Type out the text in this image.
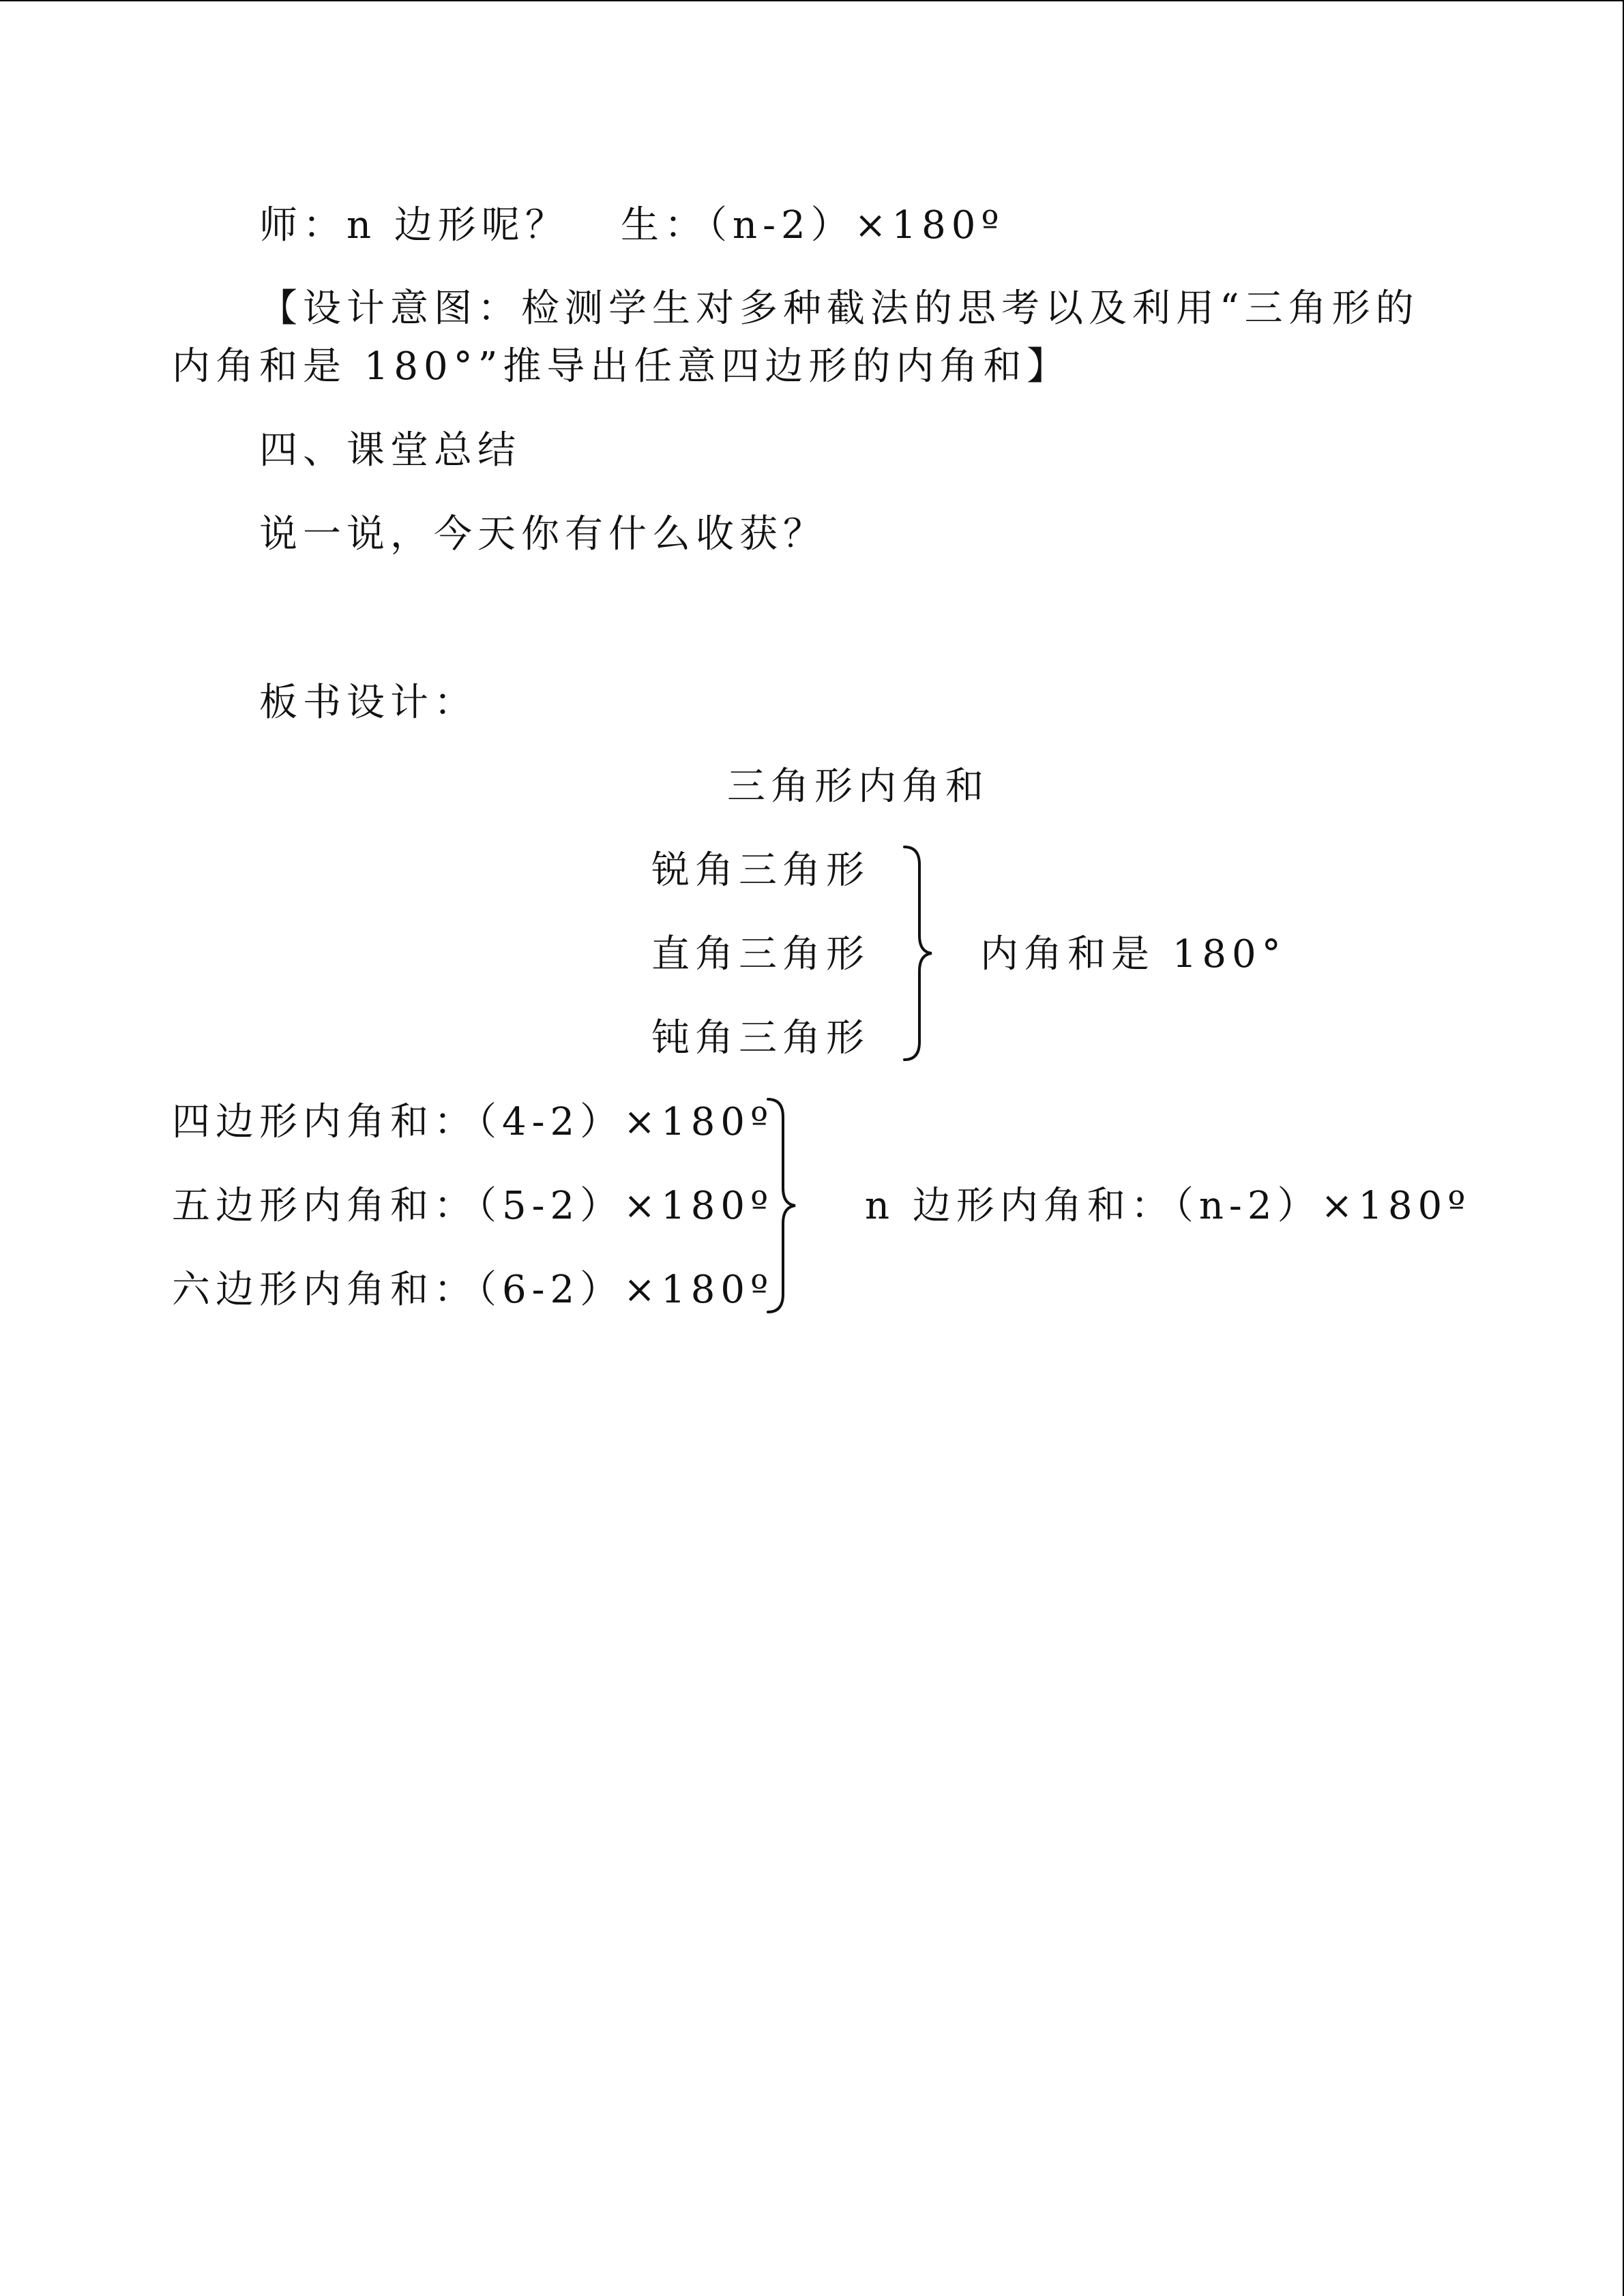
师：n 边形呢？ 生：（n-2）×180º
【设计意图：检测学生对多种截法的思考以及利用“三角形的
内角和是 180°”推导出任意四边形的内角和】
四、课堂总结
说一说，今天你有什么收获？
板书设计：
三角形内角和
锐角三角形
直角三角形
钝角三角形
内角和是 180°
四边形内角和：（4-2）×180º
五边形内角和：（5-2）×180º
六边形内角和：（6-2）×180º
n 边形内角和：（n-2）×180º
